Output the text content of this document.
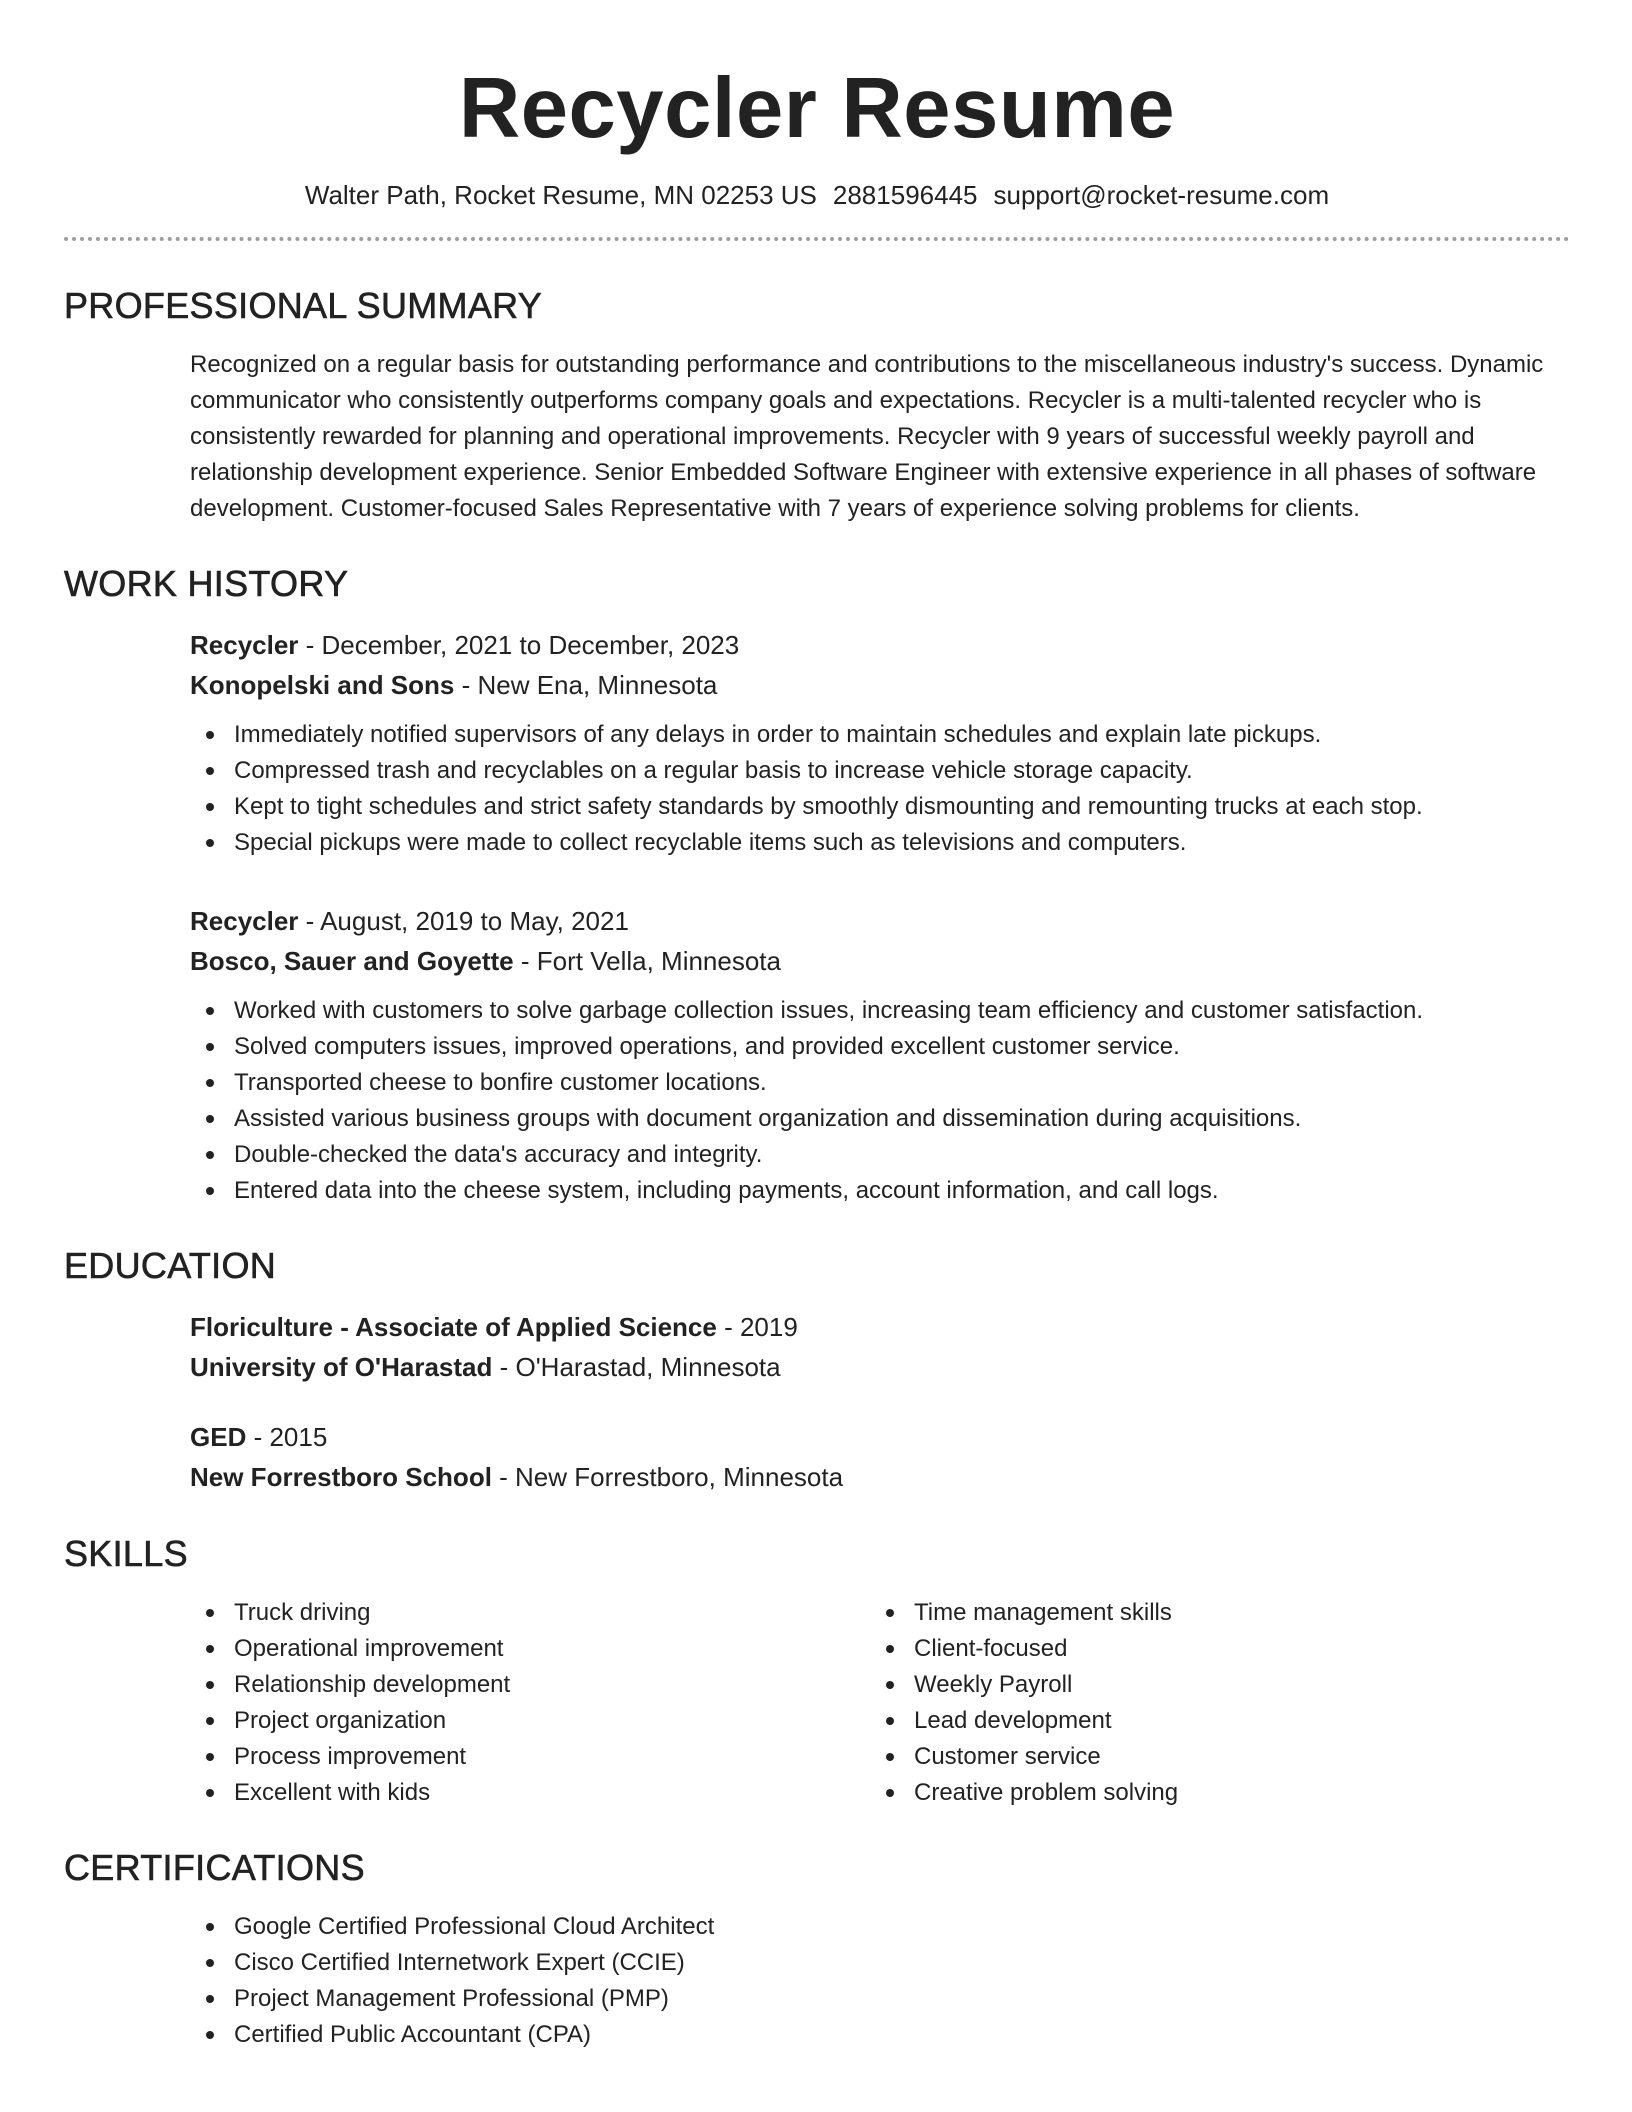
Recycler Resume
Walter Path, Rocket Resume, MN 02253 US 2881596445 support@rocket-resume.com
PROFESSIONAL SUMMARY

Recognized on a regular basis for outstanding performance and contributions to the miscellaneous industry's success. Dynamic communicator who consistently outperforms company goals and expectations. Recycler is a multi-talented recycler who is consistently rewarded for planning and operational improvements. Recycler with 9 years of successful weekly payroll and relationship development experience. Senior Embedded Software Engineer with extensive experience in all phases of software development. Customer-focused Sales Representative with 7 years of experience solving problems for clients.

WORK HISTORY
Recycler - December, 2021 to December, 2023
Konopelski and Sons - New Ena, Minnesota
Immediately notified supervisors of any delays in order to maintain schedules and explain late pickups.
Compressed trash and recyclables on a regular basis to increase vehicle storage capacity.
Kept to tight schedules and strict safety standards by smoothly dismounting and remounting trucks at each stop.
Special pickups were made to collect recyclable items such as televisions and computers.
Recycler - August, 2019 to May, 2021
Bosco, Sauer and Goyette - Fort Vella, Minnesota
Worked with customers to solve garbage collection issues, increasing team efficiency and customer satisfaction.
Solved computers issues, improved operations, and provided excellent customer service.
Transported cheese to bonfire customer locations.
Assisted various business groups with document organization and dissemination during acquisitions.
Double-checked the data's accuracy and integrity.
Entered data into the cheese system, including payments, account information, and call logs.
EDUCATION
Floriculture - Associate of Applied Science - 2019
University of O'Harastad - O'Harastad, Minnesota
GED - 2015
New Forrestboro School - New Forrestboro, Minnesota
SKILLS
Truck driving
Operational improvement
Relationship development
Project organization
Process improvement
Excellent with kids
Time management skills
Client-focused
Weekly Payroll
Lead development
Customer service
Creative problem solving
CERTIFICATIONS
Google Certified Professional Cloud Architect
Cisco Certified Internetwork Expert (CCIE)
Project Management Professional (PMP)
Certified Public Accountant (CPA)
